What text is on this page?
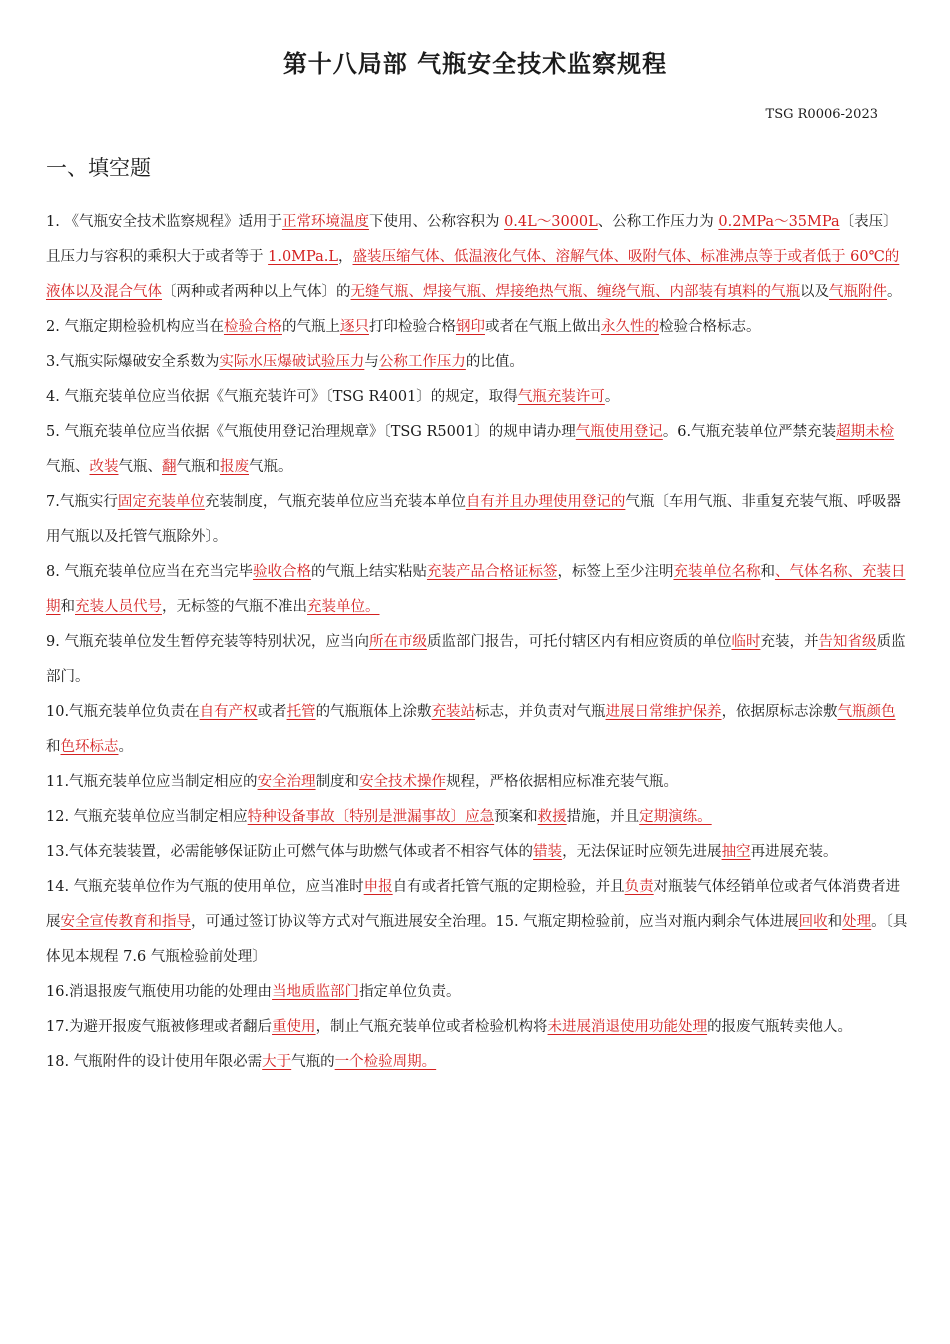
第十八局部 气瓶安全技术监察规程
TSG R0006-2023
一、填空题

1. 《气瓶安全技术监察规程》适用于正常环境温度下使用、公称容积为 0.4L～3000L、公称工作压力为 0.2MPa～35MPa〔表压〕且压力与容积的乘积大于或者等于 1.0MPa.L，盛装压缩气体、低温液化气体、溶解气体、吸附气体、标准沸点等于或者低于 60℃的液体以及混合气体〔两种或者两种以上气体〕的无缝气瓶、焊接气瓶、焊接绝热气瓶、缠绕气瓶、内部装有填料的气瓶以及气瓶附件。

2. 气瓶定期检验机构应当在检验合格的气瓶上逐只打印检验合格钢印或者在气瓶上做出永久性的检验合格标志。

3.气瓶实际爆破安全系数为实际水压爆破试验压力与公称工作压力的比值。

4. 气瓶充装单位应当依据《气瓶充装许可》〔TSG R4001〕的规定，取得气瓶充装许可。

5. 气瓶充装单位应当依据《气瓶使用登记治理规章》〔TSG R5001〕的规申请办理气瓶使用登记。6.气瓶充装单位严禁充装超期未检气瓶、改装气瓶、翻气瓶和报废气瓶。

7.气瓶实行固定充装单位充装制度，气瓶充装单位应当充装本单位自有并且办理使用登记的气瓶〔车用气瓶、非重复充装气瓶、呼吸器用气瓶以及托管气瓶除外〕。

8. 气瓶充装单位应当在充当完毕验收合格的气瓶上结实粘贴充装产品合格证标签，标签上至少注明充装单位名称和、气体名称、充装日期和充装人员代号，无标签的气瓶不准出充装单位。

9. 气瓶充装单位发生暂停充装等特别状况，应当向所在市级质监部门报告，可托付辖区内有相应资质的单位临时充装，并告知省级质监部门。

10.气瓶充装单位负责在自有产权或者托管的气瓶瓶体上涂敷充装站标志，并负责对气瓶进展日常维护保养，依据原标志涂敷气瓶颜色和色环标志。

11.气瓶充装单位应当制定相应的安全治理制度和安全技术操作规程，严格依据相应标准充装气瓶。

12. 气瓶充装单位应当制定相应特种设备事故〔特别是泄漏事故〕应急预案和救援措施，并且定期演练。

13.气体充装装置，必需能够保证防止可燃气体与助燃气体或者不相容气体的错装，无法保证时应领先进展抽空再进展充装。

14. 气瓶充装单位作为气瓶的使用单位，应当准时申报自有或者托管气瓶的定期检验，并且负责对瓶装气体经销单位或者气体消费者进展安全宣传教育和指导，可通过签订协议等方式对气瓶进展安全治理。15. 气瓶定期检验前，应当对瓶内剩余气体进展回收和处理。〔具体见本规程 7.6 气瓶检验前处理〕

16.消退报废气瓶使用功能的处理由当地质监部门指定单位负责。

17.为避开报废气瓶被修理或者翻后重使用，制止气瓶充装单位或者检验机构将未进展消退使用功能处理的报废气瓶转卖他人。

18. 气瓶附件的设计使用年限必需大于气瓶的一个检验周期。
